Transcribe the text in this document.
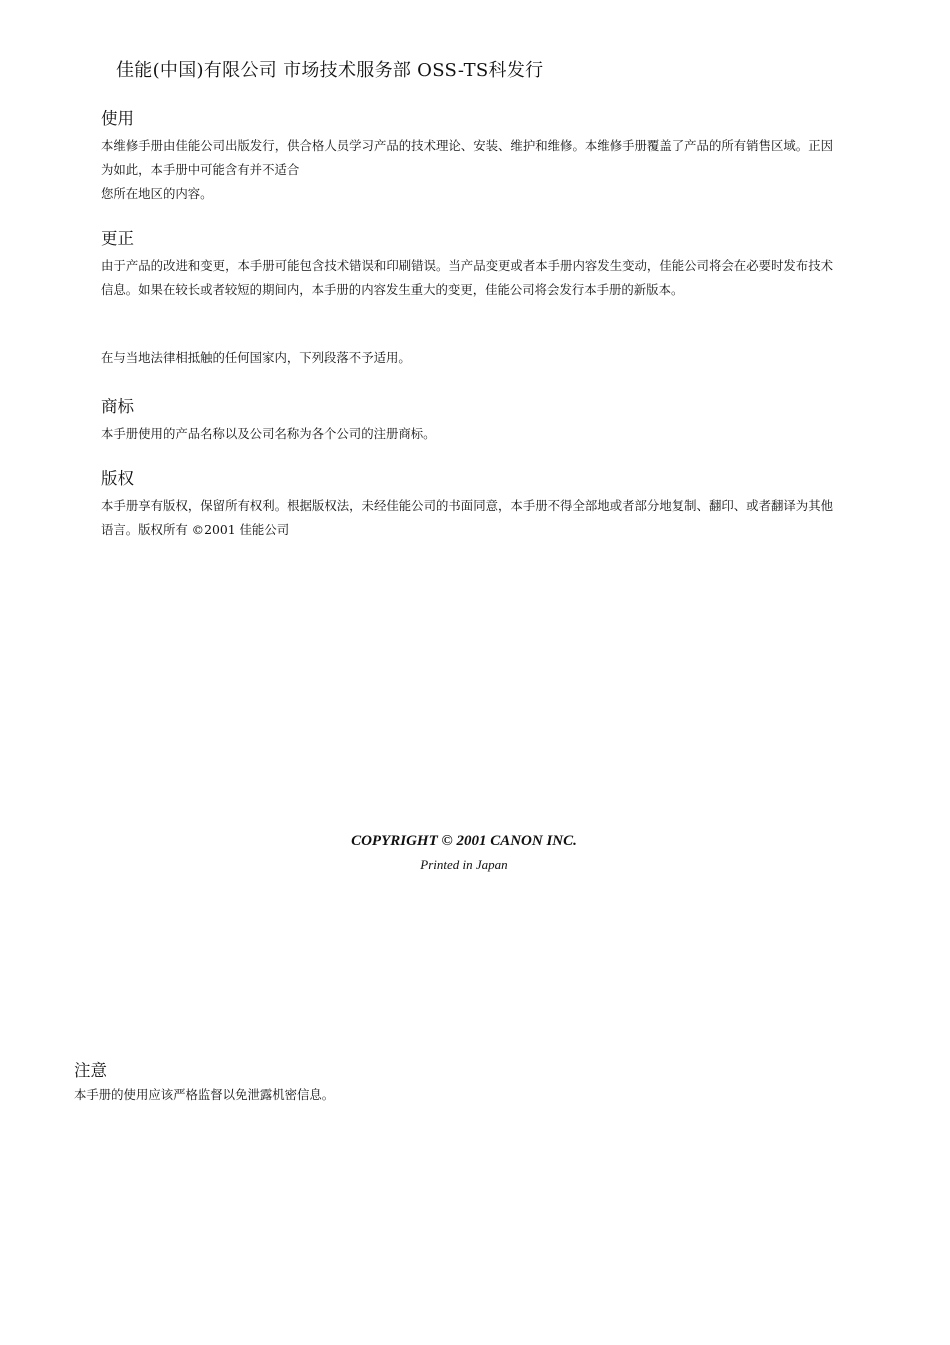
佳能(中国)有限公司 市场技术服务部 OSS-TS科发行
使用

本维修手册由佳能公司出版发行，供合格人员学习产品的技术理论、安装、维护和维修。本维修手册覆盖了产品的所有销售区域。正因为如此，本手册中可能含有并不适合
您所在地区的内容。

更正

由于产品的改进和变更，本手册可能包含技术错误和印刷错误。当产品变更或者本手册内容发生变动，佳能公司将会在必要时发布技术信息。如果在较长或者较短的期间内，本手册的内容发生重大的变更，佳能公司将会发行本手册的新版本。

在与当地法律相抵触的任何国家内，下列段落不予适用。

商标

本手册使用的产品名称以及公司名称为各个公司的注册商标。

版权

本手册享有版权，保留所有权利。根据版权法，未经佳能公司的书面同意，本手册不得全部地或者部分地复制、翻印、或者翻译为其他语言。版权所有 ©2001 佳能公司

COPYRIGHT © 2001 CANON INC.
Printed in Japan
注意

本手册的使用应该严格监督以免泄露机密信息。
